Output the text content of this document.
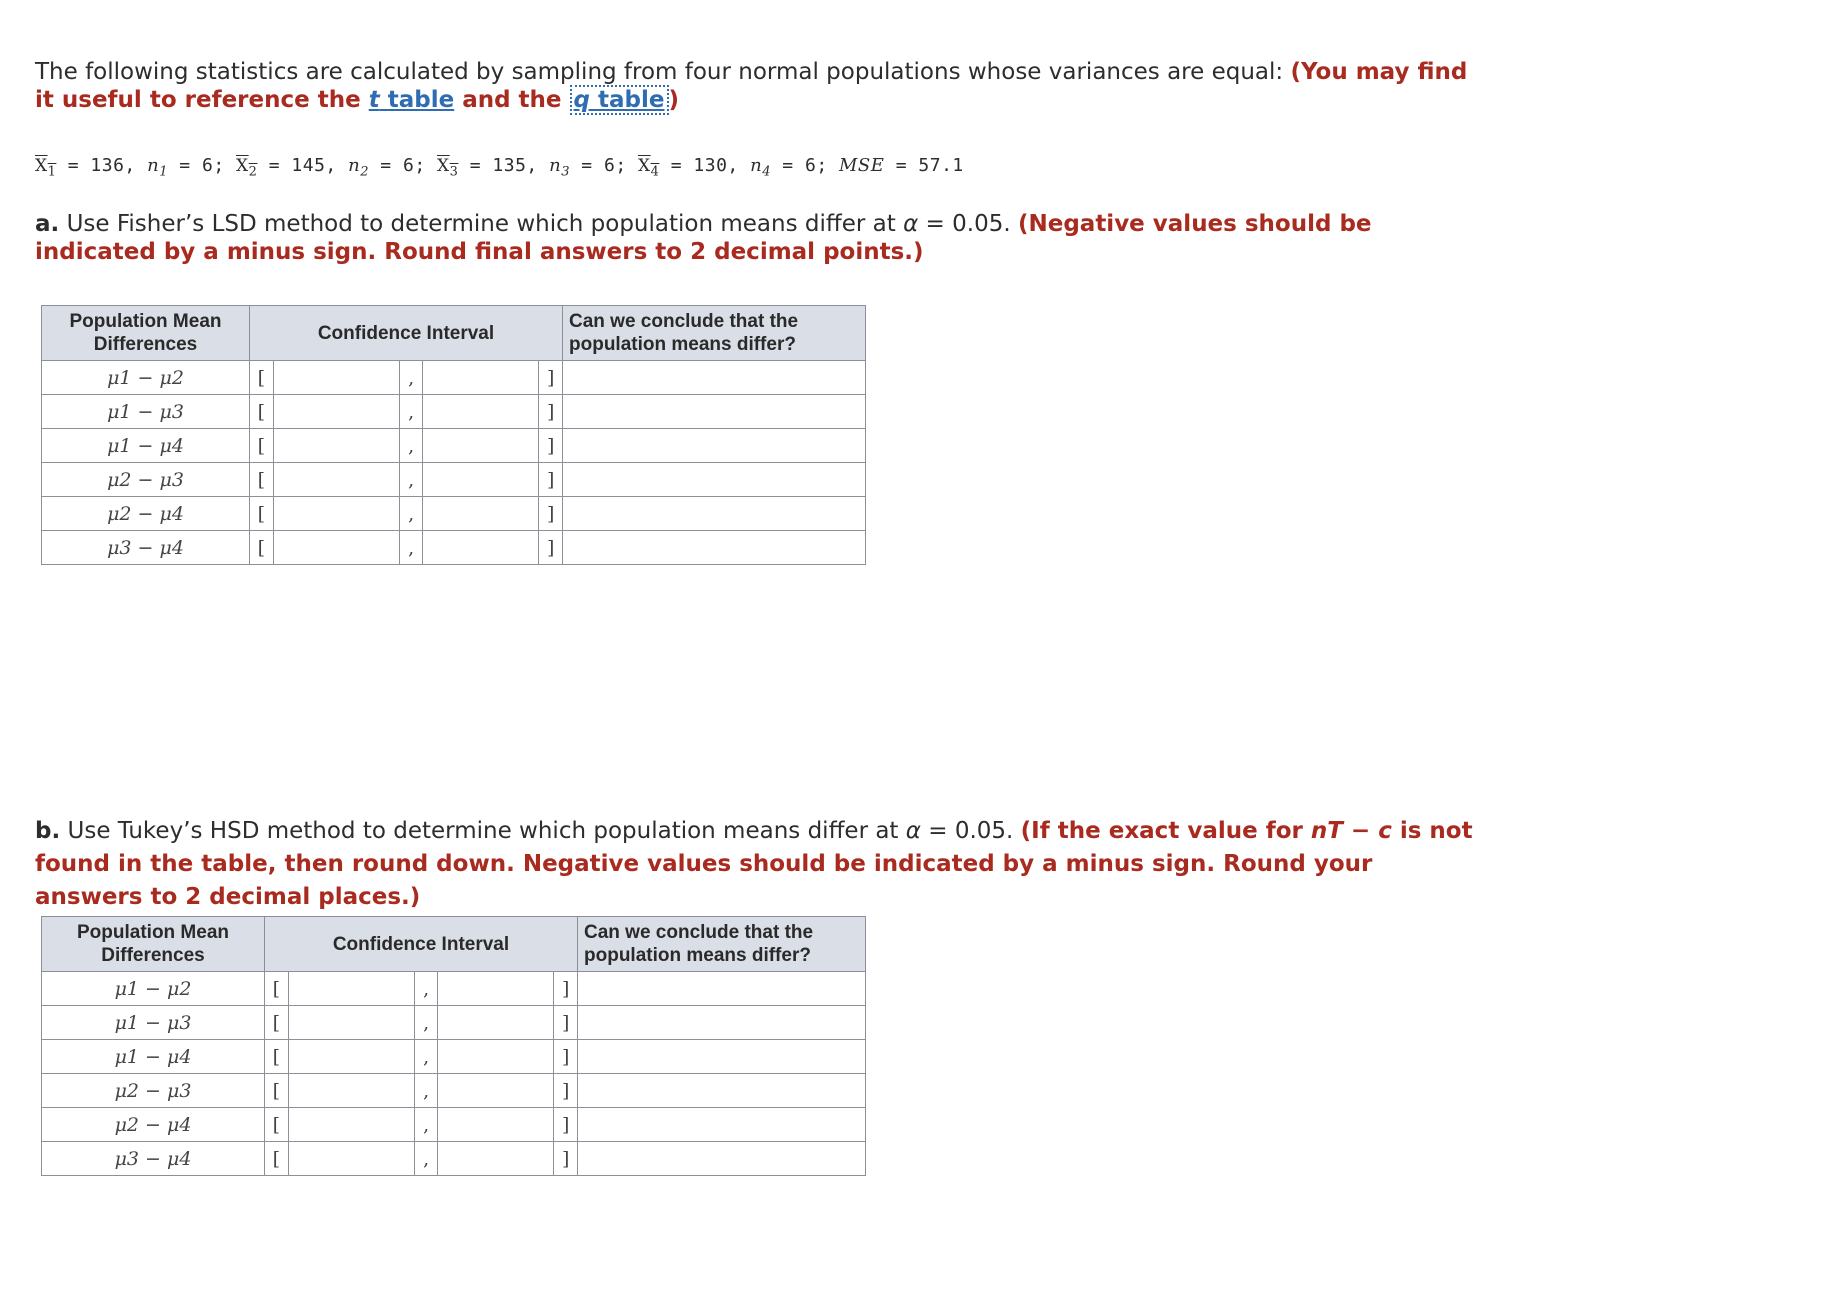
The following statistics are calculated by sampling from four normal populations whose variances are equal: (You may find it useful to reference the t table and the q table )
$X_1 = 136$, $n_1 = 6$; $X_2 = 145$, $n_2 = 6$; $X_3 = 135$, $n_3 = 6$; $X_4 = 130$, $n_4 = 6$; MSE = 57.1
a. Use Fisher’s LSD method to determine which population means differ at α = 0.05. (Negative values should be indicated by a minus sign. Round final answers to 2 decimal points.)
Population Mean Differences	Confidence Interval					Can we conclude that the population means differ?
μ1 − μ2	[		,		]	
μ1 − μ3	[		,		]	
μ1 − μ4	[		,		]	
μ2 − μ3	[		,		]	
μ2 − μ4	[		,		]	
μ3 − μ4	[		,		]	
b. Use Tukey’s HSD method to determine which population means differ at α = 0.05. (If the exact value for nT − c is not found in the table, then round down. Negative values should be indicated by a minus sign. Round your answers to 2 decimal places.)
Population Mean Differences	Confidence Interval					Can we conclude that the population means differ?
μ1 − μ2	[		,		]	
μ1 − μ3	[		,		]	
μ1 − μ4	[		,		]	
μ2 − μ3	[		,		]	
μ2 − μ4	[		,		]	
μ3 − μ4	[		,		]	
